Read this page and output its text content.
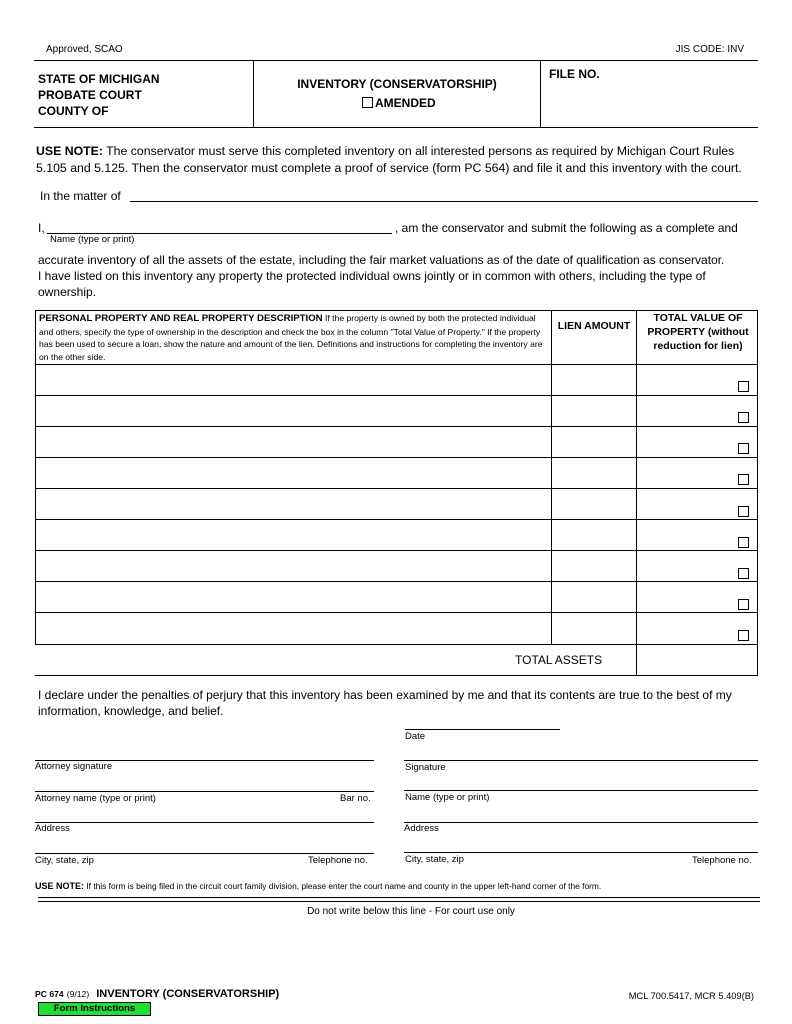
Approved, SCAO	JIS CODE: INV
STATE OF MICHIGAN
PROBATE COURT
COUNTY OF
INVENTORY (CONSERVATORSHIP)
AMENDED
FILE NO.
USE NOTE: The conservator must serve this completed inventory on all interested persons as required by Michigan Court Rules 5.105 and 5.125. Then the conservator must complete a proof of service (form PC 564) and file it and this inventory with the court.
In the matter of
I,
Name (type or print)
, am the conservator and submit the following as a complete and
accurate inventory of all the assets of the estate, including the fair market valuations as of the date of qualification as conservator.
I have listed on this inventory any property the protected individual owns jointly or in common with others, including the type of ownership.
PERSONAL PROPERTY AND REAL PROPERTY DESCRIPTION If the property is owned by both the protected individual and others, specify the type of ownership in the description and check the box in the column "Total Value of Property." If the property has been used to secure a loan, show the nature and amount of the lien. Definitions and instructions for completing the inventory are on the other side.
LIEN AMOUNT
TOTAL VALUE OF PROPERTY (without reduction for lien)
TOTAL ASSETS
I declare under the penalties of perjury that this inventory has been examined by me and that its contents are true to the best of my information, knowledge, and belief.
Date
Attorney signature	Signature
Attorney name (type or print)	Bar no.	Name (type or print)
Address	Address
City, state, zip	Telephone no.	City, state, zip	Telephone no.
USE NOTE: If this form is being filed in the circuit court family division, please enter the court name and county in the upper left-hand corner of the form.
Do not write below this line - For court use only
PC 674 (9/12) INVENTORY (CONSERVATORSHIP)	MCL 700.5417, MCR 5.409(B)
Form Instructions
